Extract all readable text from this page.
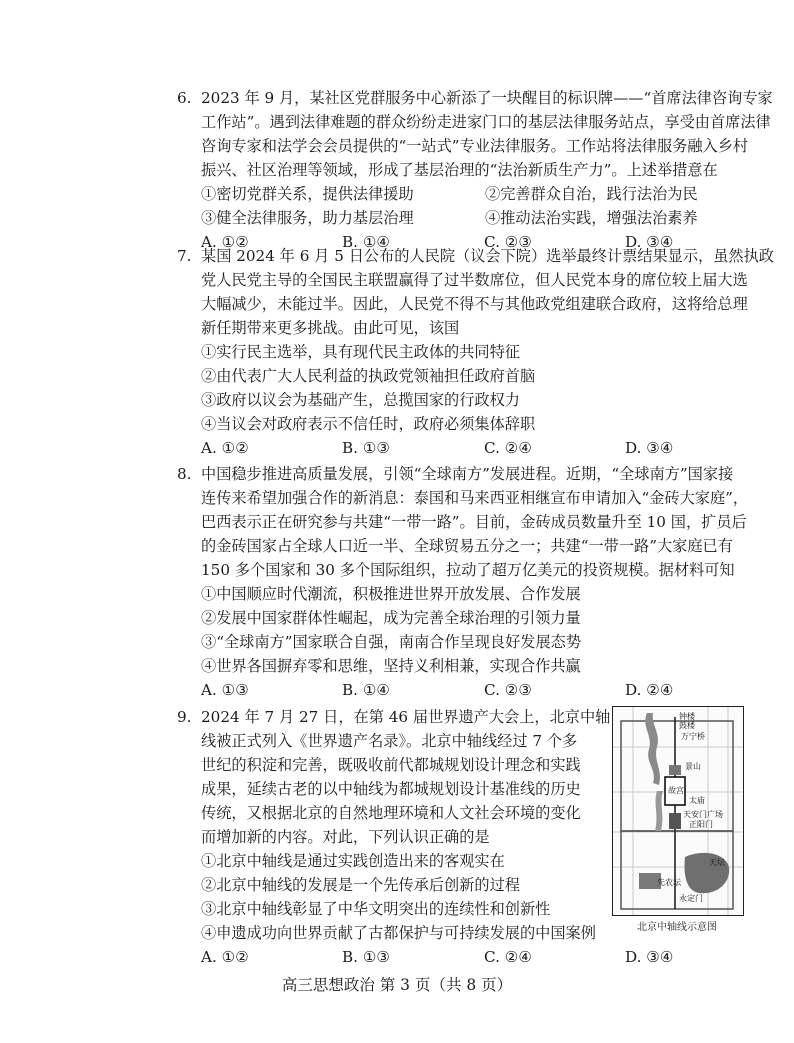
6. 2023 年 9 月，某社区党群服务中心新添了一块醒目的标识牌——“首席法律咨询专家
工作站”。遇到法律难题的群众纷纷走进家门口的基层法律服务站点，享受由首席法律
咨询专家和法学会会员提供的“一站式”专业法律服务。工作站将法律服务融入乡村
振兴、社区治理等领域，形成了基层治理的“法治新质生产力”。上述举措意在
①密切党群关系，提供法律援助	②完善群众自治，践行法治为民
③健全法律服务，助力基层治理	④推动法治实践，增强法治素养
A. ①②	B. ①④	C. ②③	D. ③④
7. 某国 2024 年 6 月 5 日公布的人民院（议会下院）选举最终计票结果显示，虽然执政
党人民党主导的全国民主联盟赢得了过半数席位，但人民党本身的席位较上届大选
大幅减少，未能过半。因此，人民党不得不与其他政党组建联合政府，这将给总理
新任期带来更多挑战。由此可见，该国
①实行民主选举，具有现代民主政体的共同特征
②由代表广大人民利益的执政党领袖担任政府首脑
③政府以议会为基础产生，总揽国家的行政权力
④当议会对政府表示不信任时，政府必须集体辞职
A. ①②	B. ①③	C. ②④	D. ③④
8. 中国稳步推进高质量发展，引领“全球南方”发展进程。近期，“全球南方”国家接
连传来希望加强合作的新消息：泰国和马来西亚相继宣布申请加入“金砖大家庭”，
巴西表示正在研究参与共建“一带一路”。目前，金砖成员数量升至 10 国，扩员后
的金砖国家占全球人口近一半、全球贸易五分之一；共建“一带一路”大家庭已有
150 多个国家和 30 多个国际组织，拉动了超万亿美元的投资规模。据材料可知
①中国顺应时代潮流，积极推进世界开放发展、合作发展
②发展中国家群体性崛起，成为完善全球治理的引领力量
③“全球南方”国家联合自强，南南合作呈现良好发展态势
④世界各国摒弃零和思维，坚持义利相兼，实现合作共赢
A. ①③	B. ①④	C. ②③	D. ②④
9. 2024 年 7 月 27 日，在第 46 届世界遗产大会上，北京中轴
线被正式列入《世界遗产名录》。北京中轴线经过 7 个多
世纪的积淀和完善，既吸收前代都城规划设计理念和实践
成果，延续古老的以中轴线为都城规划设计基准线的历史
传统，又根据北京的自然地理环境和人文社会环境的变化
而增加新的内容。对此，下列认识正确的是
①北京中轴线是通过实践创造出来的客观实在
②北京中轴线的发展是一个先传承后创新的过程
③北京中轴线彰显了中华文明突出的连续性和创新性
④申遗成功向世界贡献了古都保护与可持续发展的中国案例
A. ①②	B. ①③	C. ②④	D. ③④
钟楼
鼓楼
万宁桥
景山
故宫
太庙
天安门广场
正阳门
天坛
先农坛
永定门
北京中轴线示意图
高三思想政治 第 3 页（共 8 页）
